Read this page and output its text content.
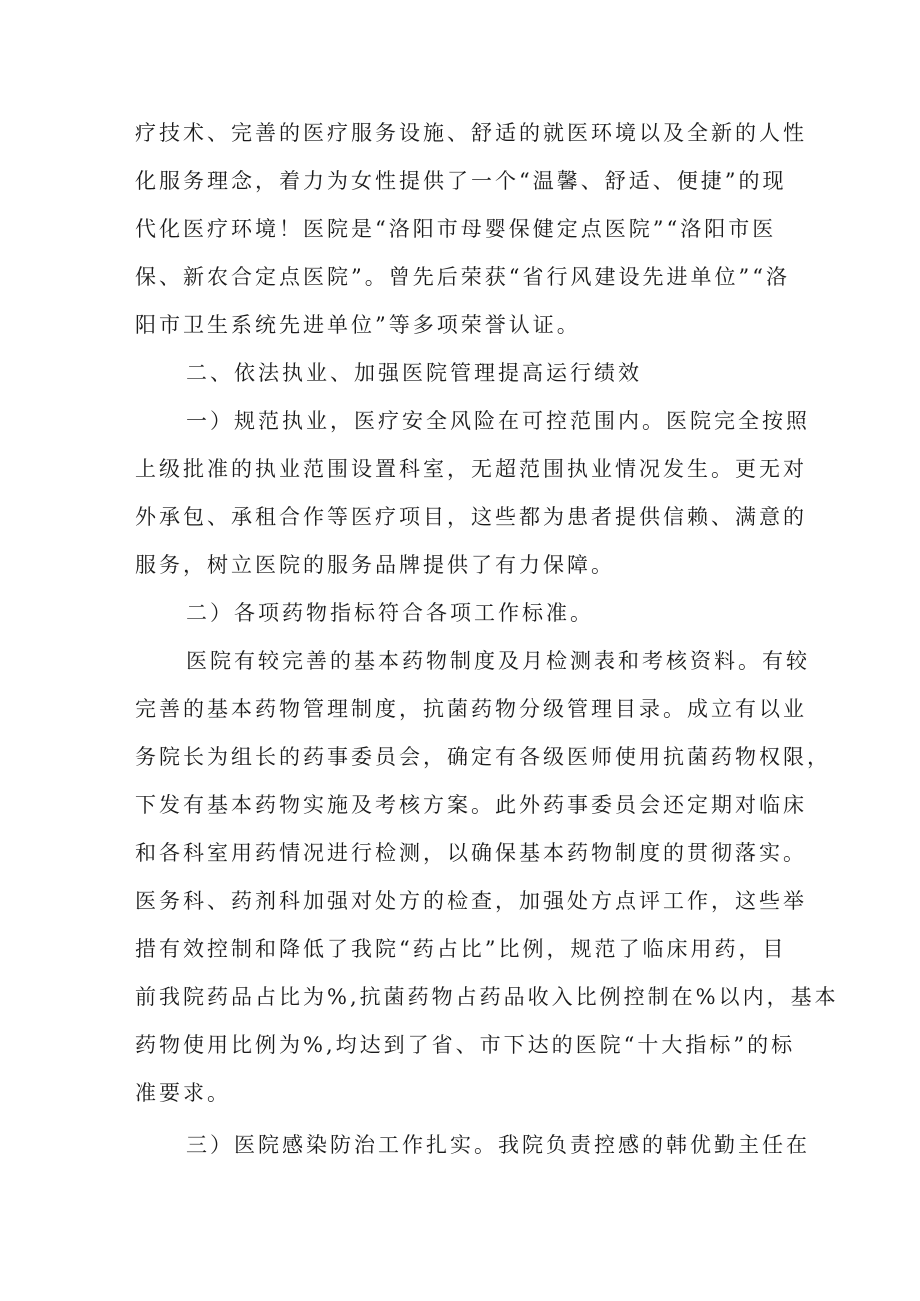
疗技术、完善的医疗服务设施、舒适的就医环境以及全新的人性
化服务理念，着力为女性提供了一个“温馨、舒适、便捷”的现
代化医疗环境！医院是“洛阳市母婴保健定点医院”“洛阳市医
保、新农合定点医院”。曾先后荣获“省行风建设先进单位”“洛
阳市卫生系统先进单位”等多项荣誉认证。
二、依法执业、加强医院管理提高运行绩效
一）规范执业，医疗安全风险在可控范围内。医院完全按照
上级批准的执业范围设置科室，无超范围执业情况发生。更无对
外承包、承租合作等医疗项目，这些都为患者提供信赖、满意的
服务，树立医院的服务品牌提供了有力保障。
二）各项药物指标符合各项工作标准。
医院有较完善的基本药物制度及月检测表和考核资料。有较
完善的基本药物管理制度，抗菌药物分级管理目录。成立有以业
务院长为组长的药事委员会，确定有各级医师使用抗菌药物权限，
下发有基本药物实施及考核方案。此外药事委员会还定期对临床
和各科室用药情况进行检测，以确保基本药物制度的贯彻落实。
医务科、药剂科加强对处方的检查，加强处方点评工作，这些举
措有效控制和降低了我院“药占比”比例，规范了临床用药，目
前我院药品占比为%,抗菌药物占药品收入比例控制在%以内，基本
药物使用比例为%,均达到了省、市下达的医院“十大指标”的标
准要求。
三）医院感染防治工作扎实。我院负责控感的韩优勤主任在
